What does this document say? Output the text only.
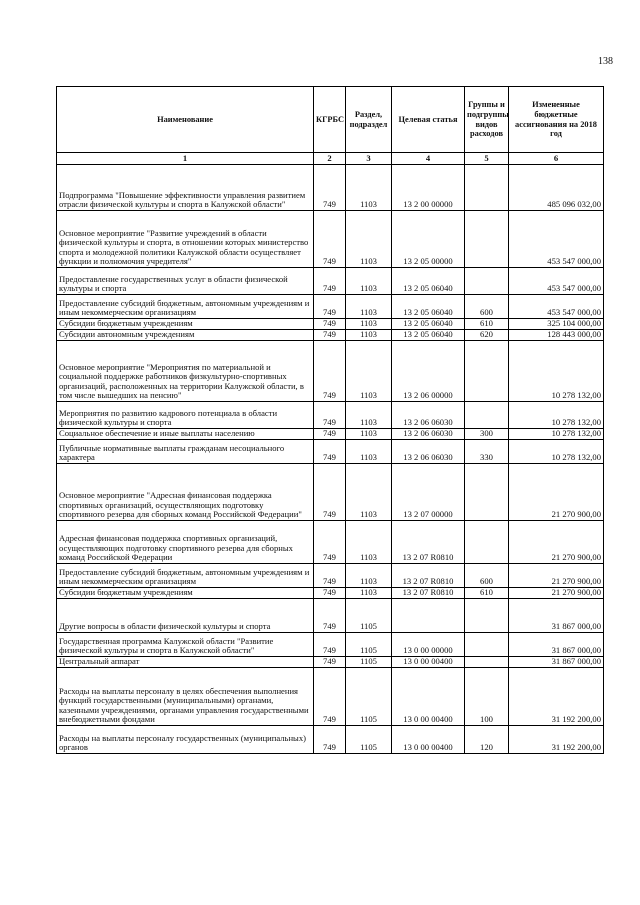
138
Наименование	КГРБС	Раздел, подраздел	Целевая статья	Группы и подгруппы видов расходов	Измененные бюджетные ассигнования на 2018 год
1	2	3	4	5	6
Подпрограмма "Повышение эффективности управления развитием отрасли физической культуры и спорта в Калужской области"	749	1103	13 2 00 00000		485 096 032,00
Основное мероприятие "Развитие учреждений в области физической культуры и спорта, в отношении которых министерство спорта и молодежной политики Калужской области осуществляет функции и полномочия учредителя"	749	1103	13 2 05 00000		453 547 000,00
Предоставление государственных услуг в области физической культуры и спорта	749	1103	13 2 05 06040		453 547 000,00
Предоставление субсидий бюджетным, автономным учреждениям и иным некоммерческим организациям	749	1103	13 2 05 06040	600	453 547 000,00
Субсидии бюджетным учреждениям	749	1103	13 2 05 06040	610	325 104 000,00
Субсидии автономным учреждениям	749	1103	13 2 05 06040	620	128 443 000,00
Основное мероприятие "Мероприятия по материальной и социальной поддержке работников физкультурно-спортивных организаций, расположенных на территории Калужской области, в том числе вышедших на пенсию"	749	1103	13 2 06 00000		10 278 132,00
Мероприятия по развитию кадрового потенциала в области физической культуры и спорта	749	1103	13 2 06 06030		10 278 132,00
Социальное обеспечение и иные выплаты населению	749	1103	13 2 06 06030	300	10 278 132,00
Публичные нормативные выплаты гражданам несоциального характера	749	1103	13 2 06 06030	330	10 278 132,00
Основное мероприятие "Адресная финансовая поддержка спортивных организаций, осуществляющих подготовку спортивного резерва для сборных команд Российской Федерации"	749	1103	13 2 07 00000		21 270 900,00
Адресная финансовая поддержка спортивных организаций, осуществляющих подготовку спортивного резерва для сборных команд Российской Федерации	749	1103	13 2 07 R0810		21 270 900,00
Предоставление субсидий бюджетным, автономным учреждениям и иным некоммерческим организациям	749	1103	13 2 07 R0810	600	21 270 900,00
Субсидии бюджетным учреждениям	749	1103	13 2 07 R0810	610	21 270 900,00
Другие вопросы в области физической культуры и спорта	749	1105			31 867 000,00
Государственная программа Калужской области "Развитие физической культуры и спорта в Калужской области"	749	1105	13 0 00 00000		31 867 000,00
Центральный аппарат	749	1105	13 0 00 00400		31 867 000,00
Расходы на выплаты персоналу в целях обеспечения выполнения функций государственными (муниципальными) органами, казенными учреждениями, органами управления государственными внебюджетными фондами	749	1105	13 0 00 00400	100	31 192 200,00
Расходы на выплаты персоналу государственных (муниципальных) органов	749	1105	13 0 00 00400	120	31 192 200,00
